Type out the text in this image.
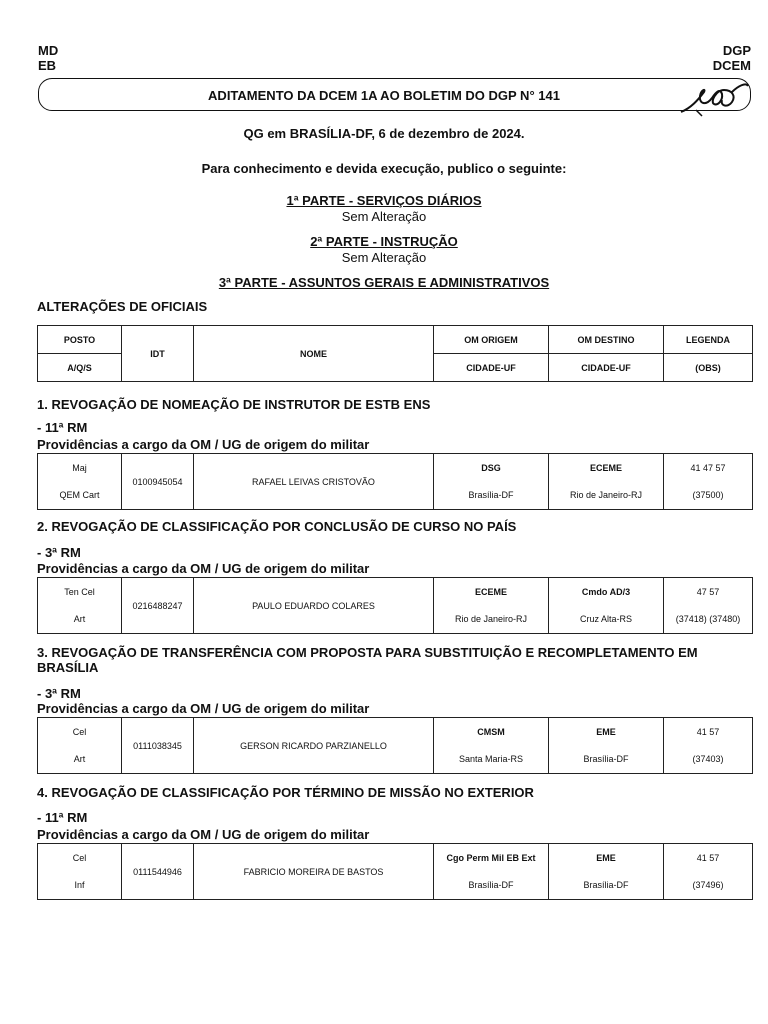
MD
EB
DGP
DCEM
ADITAMENTO DA DCEM 1A AO BOLETIM DO DGP N° 141
QG em BRASÍLIA-DF, 6 de dezembro de 2024.
Para conhecimento e devida execução, publico o seguinte:
1ª PARTE - SERVIÇOS DIÁRIOS
Sem Alteração
2ª PARTE - INSTRUÇÃO
Sem Alteração
3ª PARTE - ASSUNTOS GERAIS E ADMINISTRATIVOS
ALTERAÇÕES DE OFICIAIS
POSTO	IDT	NOME	OM ORIGEM	OM DESTINO	LEGENDA
A/Q/S			CIDADE-UF	CIDADE-UF	(OBS)
1. REVOGAÇÃO DE NOMEAÇÃO DE INSTRUTOR DE ESTB ENS
- 11ª RM
Providências a cargo da OM / UG de origem do militar
Maj	0100945054	RAFAEL LEIVAS CRISTOVÃO	DSG	ECEME	41 47 57
QEM Cart			Brasília-DF	Rio de Janeiro-RJ	(37500)
2. REVOGAÇÃO DE CLASSIFICAÇÃO POR CONCLUSÃO DE CURSO NO PAÍS
- 3ª RM
Providências a cargo da OM / UG de origem do militar
Ten Cel	0216488247	PAULO EDUARDO COLARES	ECEME	Cmdo AD/3	47 57
Art			Rio de Janeiro-RJ	Cruz Alta-RS	(37418) (37480)
3. REVOGAÇÃO DE TRANSFERÊNCIA COM PROPOSTA PARA SUBSTITUIÇÃO E RECOMPLETAMENTO EM
BRASÍLIA
- 3ª RM
Providências a cargo da OM / UG de origem do militar
Cel	0111038345	GERSON RICARDO PARZIANELLO	CMSM	EME	41 57
Art			Santa Maria-RS	Brasília-DF	(37403)
4. REVOGAÇÃO DE CLASSIFICAÇÃO POR TÉRMINO DE MISSÃO NO EXTERIOR
- 11ª RM
Providências a cargo da OM / UG de origem do militar
Cel	0111544946	FABRICIO MOREIRA DE BASTOS	Cgo Perm Mil EB Ext	EME	41 57
Inf			Brasília-DF	Brasília-DF	(37496)
